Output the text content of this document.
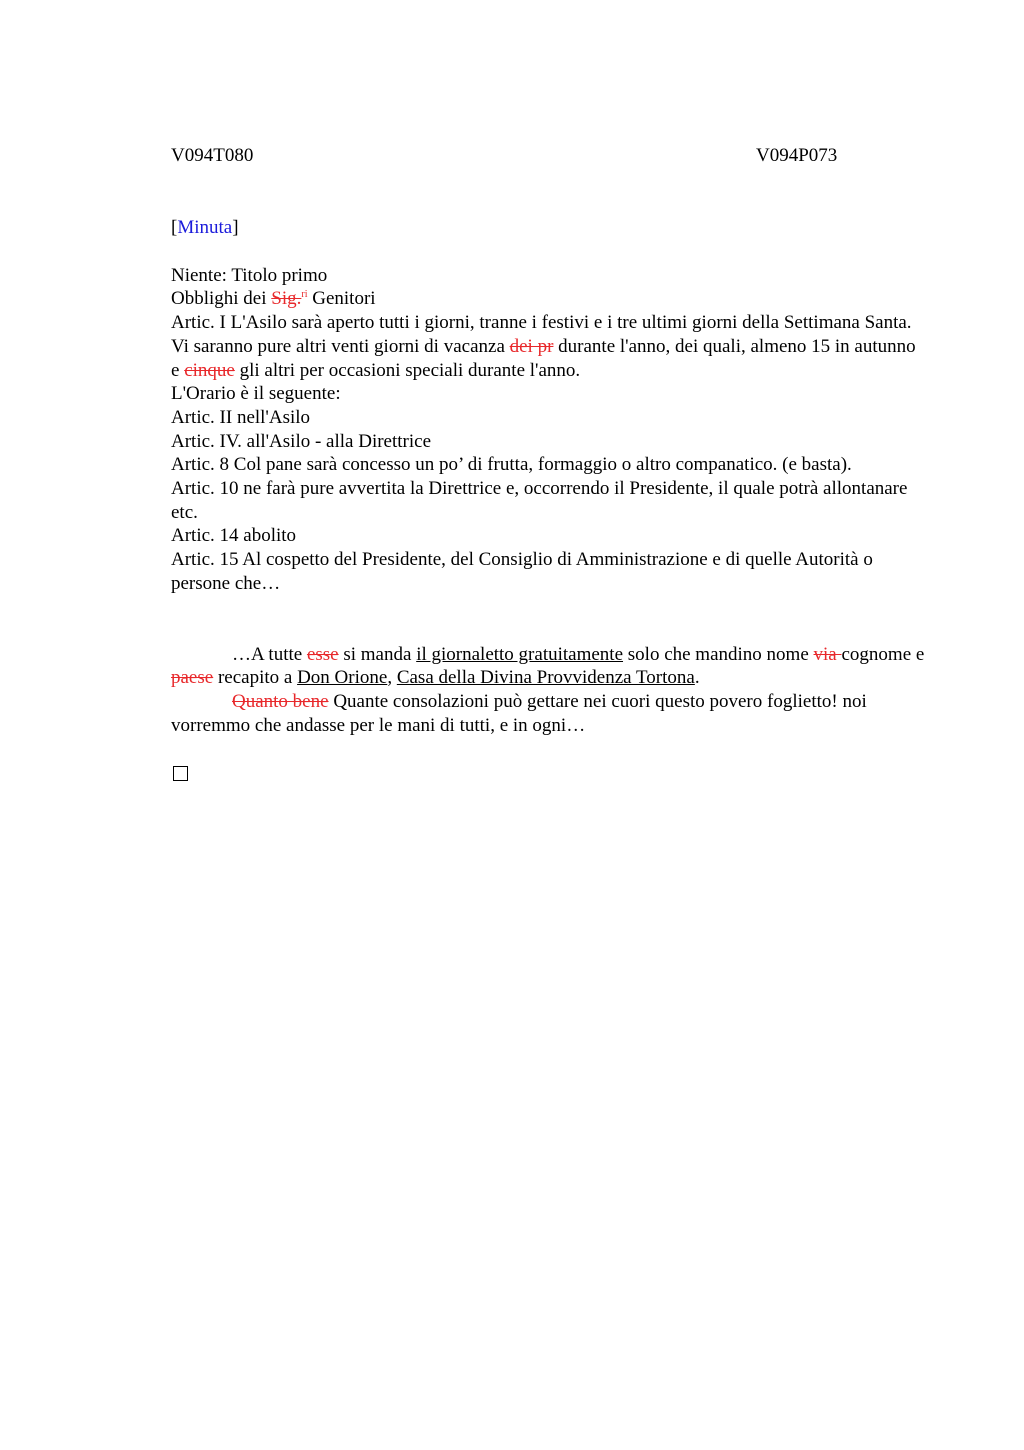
V094T080	V094P073
[Minuta]
Niente: Titolo primo
Obblighi dei Sig.$^{ri}$ Genitori
Artic. I L'Asilo sarà aperto tutti i giorni, tranne i festivi e i tre ultimi giorni della Settimana Santa. Vi saranno pure altri venti giorni di vacanza dei pr durante l'anno, dei quali, almeno 15 in autunno e cinque gli altri per occasioni speciali durante l'anno.
L'Orario è il seguente:
Artic. II nell'Asilo
Artic. IV. all'Asilo - alla Direttrice
Artic. 8 Col pane sarà concesso un po’ di frutta, formaggio o altro companatico. (e basta).
Artic. 10 ne farà pure avvertita la Direttrice e, occorrendo il Presidente, il quale potrà allontanare etc.
Artic. 14 abolito
Artic. 15 Al cospetto del Presidente, del Consiglio di Amministrazione e di quelle Autorità o persone che…

…A tutte esse si manda il giornaletto gratuitamente solo che mandino nome via cognome e paese recapito a Don Orione, Casa della Divina Provvidenza Tortona.

Quanto bene Quante consolazioni può gettare nei cuori questo povero foglietto! noi vorremmo che andasse per le mani di tutti, e in ogni…
